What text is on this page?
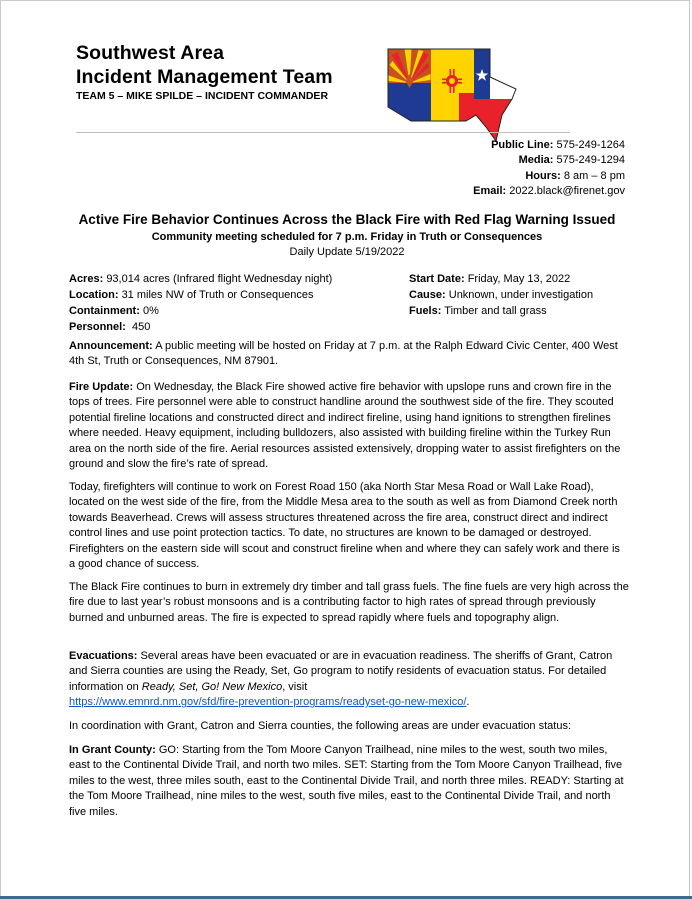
Southwest Area
Incident Management Team
TEAM 5 – MIKE SPILDE – INCIDENT COMMANDER
Public Line: 575-249-1264
Media: 575-249-1294
Hours: 8 am – 8 pm
Email: 2022.black@firenet.gov
Active Fire Behavior Continues Across the Black Fire with Red Flag Warning Issued
Community meeting scheduled for 7 p.m. Friday in Truth or Consequences
Daily Update 5/19/2022
Acres: 93,014 acres (Infrared flight Wednesday night)
Location: 31 miles NW of Truth or Consequences
Containment: 0%
Personnel: 450
Start Date: Friday, May 13, 2022
Cause: Unknown, under investigation
Fuels: Timber and tall grass
Announcement: A public meeting will be hosted on Friday at 7 p.m. at the Ralph Edward Civic Center, 400 West 4th St, Truth or Consequences, NM 87901.
Fire Update: On Wednesday, the Black Fire showed active fire behavior with upslope runs and crown fire in the tops of trees. Fire personnel were able to construct handline around the southwest side of the fire. They scouted potential fireline locations and constructed direct and indirect fireline, using hand ignitions to strengthen firelines where needed. Heavy equipment, including bulldozers, also assisted with building fireline within the Turkey Run area on the north side of the fire. Aerial resources assisted extensively, dropping water to assist firefighters on the ground and slow the fire’s rate of spread.
Today, firefighters will continue to work on Forest Road 150 (aka North Star Mesa Road or Wall Lake Road), located on the west side of the fire, from the Middle Mesa area to the south as well as from Diamond Creek north towards Beaverhead. Crews will assess structures threatened across the fire area, construct direct and indirect control lines and use point protection tactics. To date, no structures are known to be damaged or destroyed. Firefighters on the eastern side will scout and construct fireline when and where they can safely work and there is a good chance of success.
The Black Fire continues to burn in extremely dry timber and tall grass fuels. The fine fuels are very high across the fire due to last year’s robust monsoons and is a contributing factor to high rates of spread through previously burned and unburned areas. The fire is expected to spread rapidly where fuels and topography align.
Evacuations: Several areas have been evacuated or are in evacuation readiness. The sheriffs of Grant, Catron and Sierra counties are using the Ready, Set, Go program to notify residents of evacuation status. For detailed information on Ready, Set, Go! New Mexico, visit
https://www.emnrd.nm.gov/sfd/fire-prevention-programs/readyset-go-new-mexico/.
In coordination with Grant, Catron and Sierra counties, the following areas are under evacuation status:
In Grant County: GO: Starting from the Tom Moore Canyon Trailhead, nine miles to the west, south two miles, east to the Continental Divide Trail, and north two miles. SET: Starting from the Tom Moore Canyon Trailhead, five miles to the west, three miles south, east to the Continental Divide Trail, and north three miles. READY: Starting at the Tom Moore Trailhead, nine miles to the west, south five miles, east to the Continental Divide Trail, and north five miles.
